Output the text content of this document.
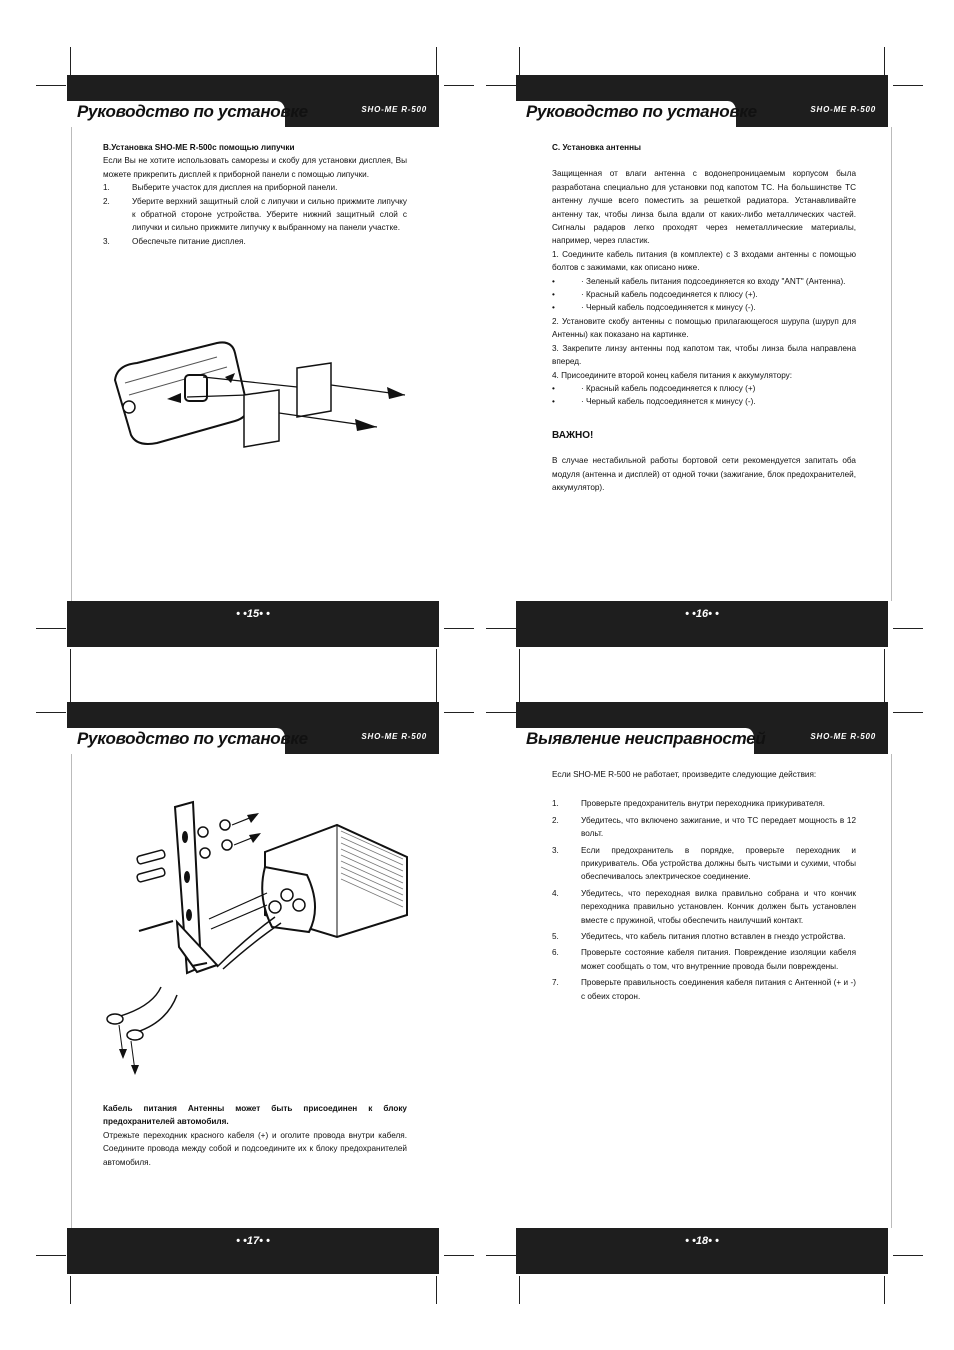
Руководство по установке	SHO-ME R-500

B.Установка SHO-ME R-500с помощью липучки

Если Вы не хотите использовать саморезы и скобу для установки дисплея, Вы можете прикрепить дисплей к приборной панели с помощью липучки.

1.	Выберите участок для дисплея на приборной панели.
2.	Уберите верхний защитный слой с липучки и сильно прижмите липучку к обратной стороне устройства. Уберите нижний защитный слой с липучки и сильно прижмите липучку к выбранному на панели участке.
3.	Обеспечьте питание дисплея.
• •15• •
Руководство по установке	SHO-ME R-500

C. Установка антенны

Защищенная от влаги антенна с водонепроницаемым корпусом была разработана специально для установки под капотом ТС. На большинстве ТС антенну лучше всего поместить за решеткой радиатора. Устанавливайте антенну так, чтобы линза была вдали от каких-либо металлических частей. Сигналы радаров легко проходят через неметаллические материалы, например, через пластик.

1. Соедините кабель питания (в комплекте) с 3 входами антенны с помощью болтов с зажимами, как описано ниже.

•	· Зеленый кабель питания подсоединяется ко входу "ANT" (Антенна).
•	· Красный кабель подсоединяется к плюсу (+).
•	· Черный кабель подсоединяется к минусу (-).

2. Установите скобу антенны с помощью прилагающегося шурупа (шуруп для Антенны) как показано на картинке.

3. Закрепите линзу антенны под капотом так, чтобы линза была направлена вперед.

4. Присоедините второй конец кабеля питания к аккумулятору:

•	· Красный кабель подсоединяется к плюсу (+)
•	· Черный кабель подсоедиянется к минусу (-).

ВАЖНО!

В случае нестабильной работы бортовой сети рекомендуется запитать оба модуля (антенна и дисплей) от одной точки (зажигание, блок предохранителей, аккумулятор).

• •16• •
Руководство по установке	SHO-ME R-500

Кабель питания Антенны может быть присоединен к блоку предохранителей автомобиля.

Отрежьте переходник красного кабеля (+) и оголите провода внутри кабеля. Соедините провода между собой и подсоедините их к блоку предохранителей автомобиля.

• •17• •
Выявление неисправностей	SHO-ME R-500

Если SHO-ME R-500 не работает, произведите следующие действия:

1.	Проверьте предохранитель внутри переходника прикуривателя.
2.	Убедитесь, что включено зажигание, и что ТС передает мощность в 12 вольт.
3.	Если предохранитель в порядке, проверьте переходник и прикуриватель. Оба устройства должны быть чистыми и сухими, чтобы обеспечивалось электрическое соединение.
4.	Убедитесь, что переходная вилка правильно собрана и что кончик переходника правильно установлен. Кончик должен быть установлен вместе с пружиной, чтобы обеспечить наилучший контакт.
5.	Убедитесь, что кабель питания плотно вставлен в гнездо устройства.
6.	Проверьте состояние кабеля питания. Повреждение изоляции кабеля может сообщать о том, что внутренние провода были повреждены.
7.	Проверьте правильность соединения кабеля питания с Антенной (+ и -) с обеих сторон.
• •18• •
